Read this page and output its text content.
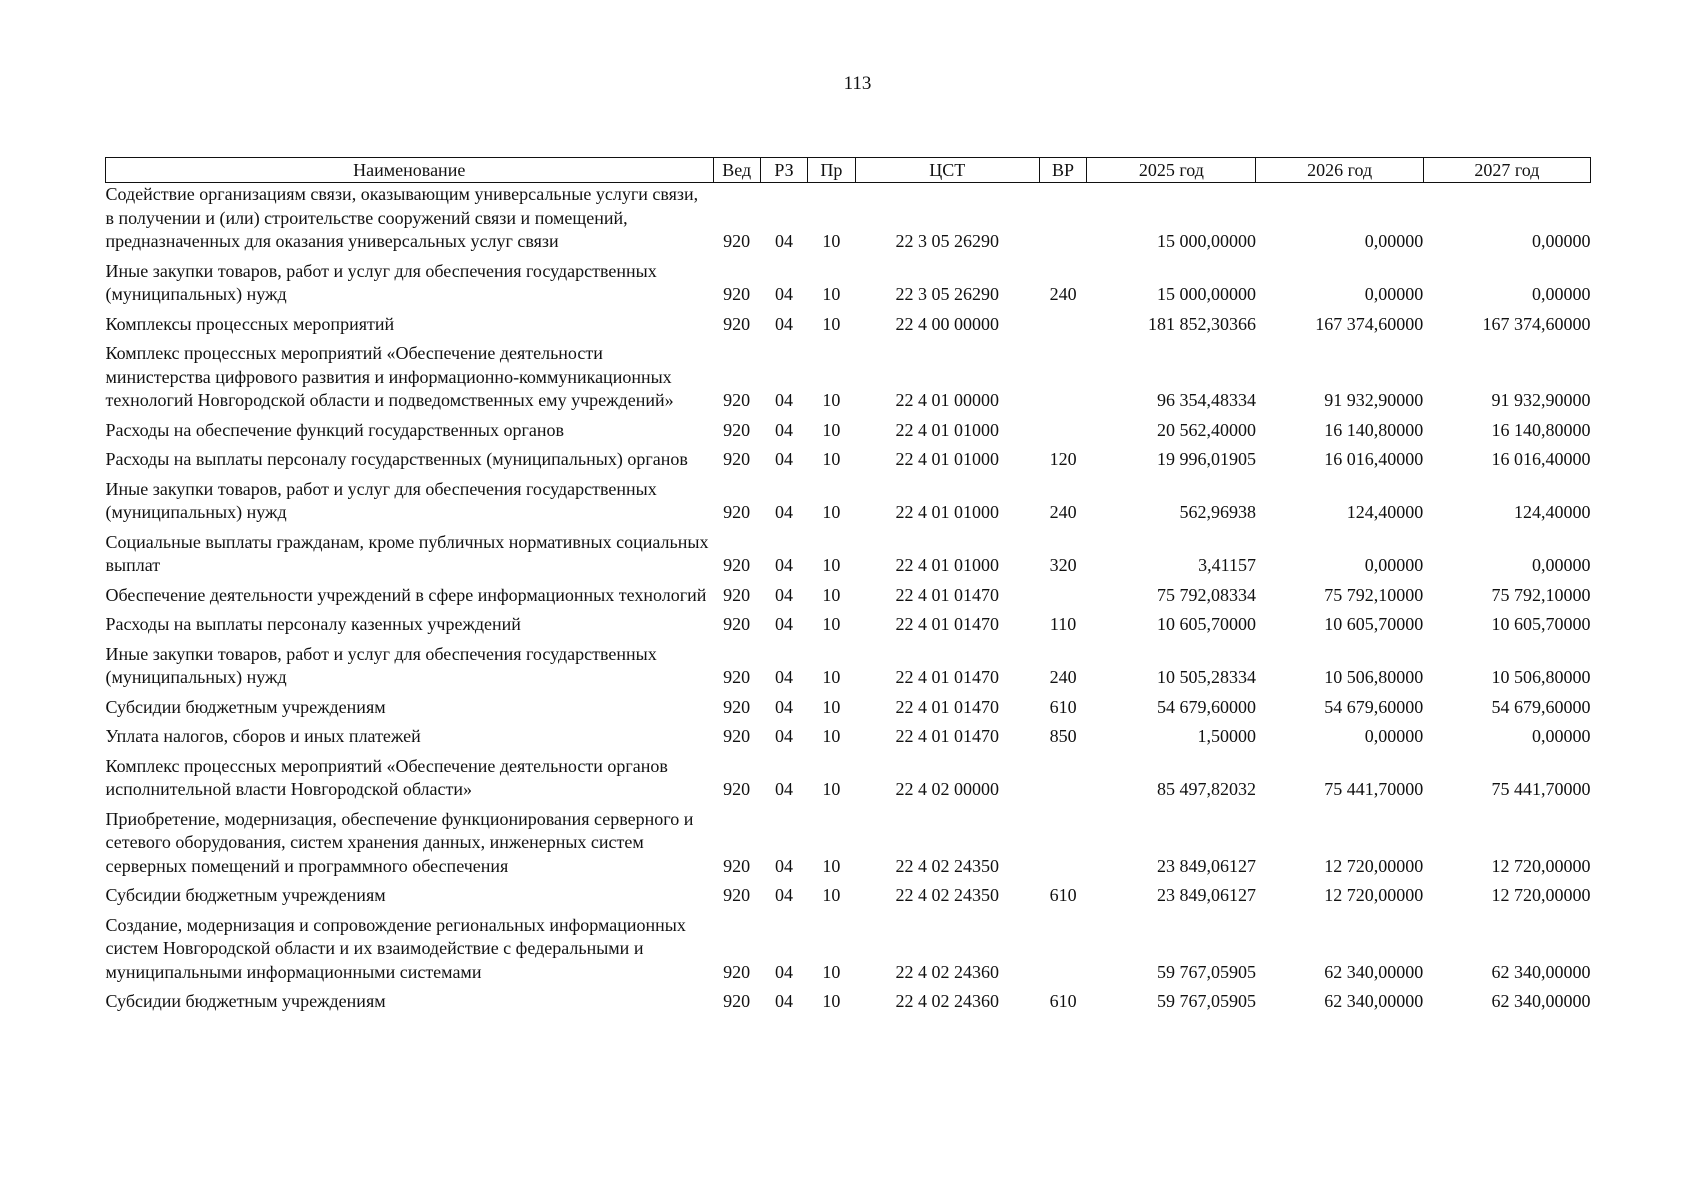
113
Наименование	Вед	РЗ	Пр	ЦСТ	ВР	2025 год	2026 год	2027 год
Содействие организациям связи, оказывающим универсальные услуги связи, в получении и (или) строительстве сооружений связи и помещений, предназначенных для оказания универсальных услуг связи	920	04	10	22 3 05 26290		15 000,00000	0,00000	0,00000
Иные закупки товаров, работ и услуг для обеспечения государственных (муниципальных) нужд	920	04	10	22 3 05 26290	240	15 000,00000	0,00000	0,00000
Комплексы процессных мероприятий	920	04	10	22 4 00 00000		181 852,30366	167 374,60000	167 374,60000
Комплекс процессных мероприятий «Обеспечение деятельности министерства цифрового развития и информационно-коммуникационных технологий Новгородской области и подведомственных ему учреждений»	920	04	10	22 4 01 00000		96 354,48334	91 932,90000	91 932,90000
Расходы на обеспечение функций государственных органов	920	04	10	22 4 01 01000		20 562,40000	16 140,80000	16 140,80000
Расходы на выплаты персоналу государственных (муниципальных) органов	920	04	10	22 4 01 01000	120	19 996,01905	16 016,40000	16 016,40000
Иные закупки товаров, работ и услуг для обеспечения государственных (муниципальных) нужд	920	04	10	22 4 01 01000	240	562,96938	124,40000	124,40000
Социальные выплаты гражданам, кроме публичных нормативных социальных выплат	920	04	10	22 4 01 01000	320	3,41157	0,00000	0,00000
Обеспечение деятельности учреждений в сфере информационных технологий	920	04	10	22 4 01 01470		75 792,08334	75 792,10000	75 792,10000
Расходы на выплаты персоналу казенных учреждений	920	04	10	22 4 01 01470	110	10 605,70000	10 605,70000	10 605,70000
Иные закупки товаров, работ и услуг для обеспечения государственных (муниципальных) нужд	920	04	10	22 4 01 01470	240	10 505,28334	10 506,80000	10 506,80000
Субсидии бюджетным учреждениям	920	04	10	22 4 01 01470	610	54 679,60000	54 679,60000	54 679,60000
Уплата налогов, сборов и иных платежей	920	04	10	22 4 01 01470	850	1,50000	0,00000	0,00000
Комплекс процессных мероприятий «Обеспечение деятельности органов исполнительной власти Новгородской области»	920	04	10	22 4 02 00000		85 497,82032	75 441,70000	75 441,70000
Приобретение, модернизация, обеспечение функционирования серверного и сетевого оборудования, систем хранения данных, инженерных систем серверных помещений и программного обеспечения	920	04	10	22 4 02 24350		23 849,06127	12 720,00000	12 720,00000
Субсидии бюджетным учреждениям	920	04	10	22 4 02 24350	610	23 849,06127	12 720,00000	12 720,00000
Создание, модернизация и сопровождение региональных информационных систем Новгородской области и их взаимодействие с федеральными и муниципальными информационными системами	920	04	10	22 4 02 24360		59 767,05905	62 340,00000	62 340,00000
Субсидии бюджетным учреждениям	920	04	10	22 4 02 24360	610	59 767,05905	62 340,00000	62 340,00000
